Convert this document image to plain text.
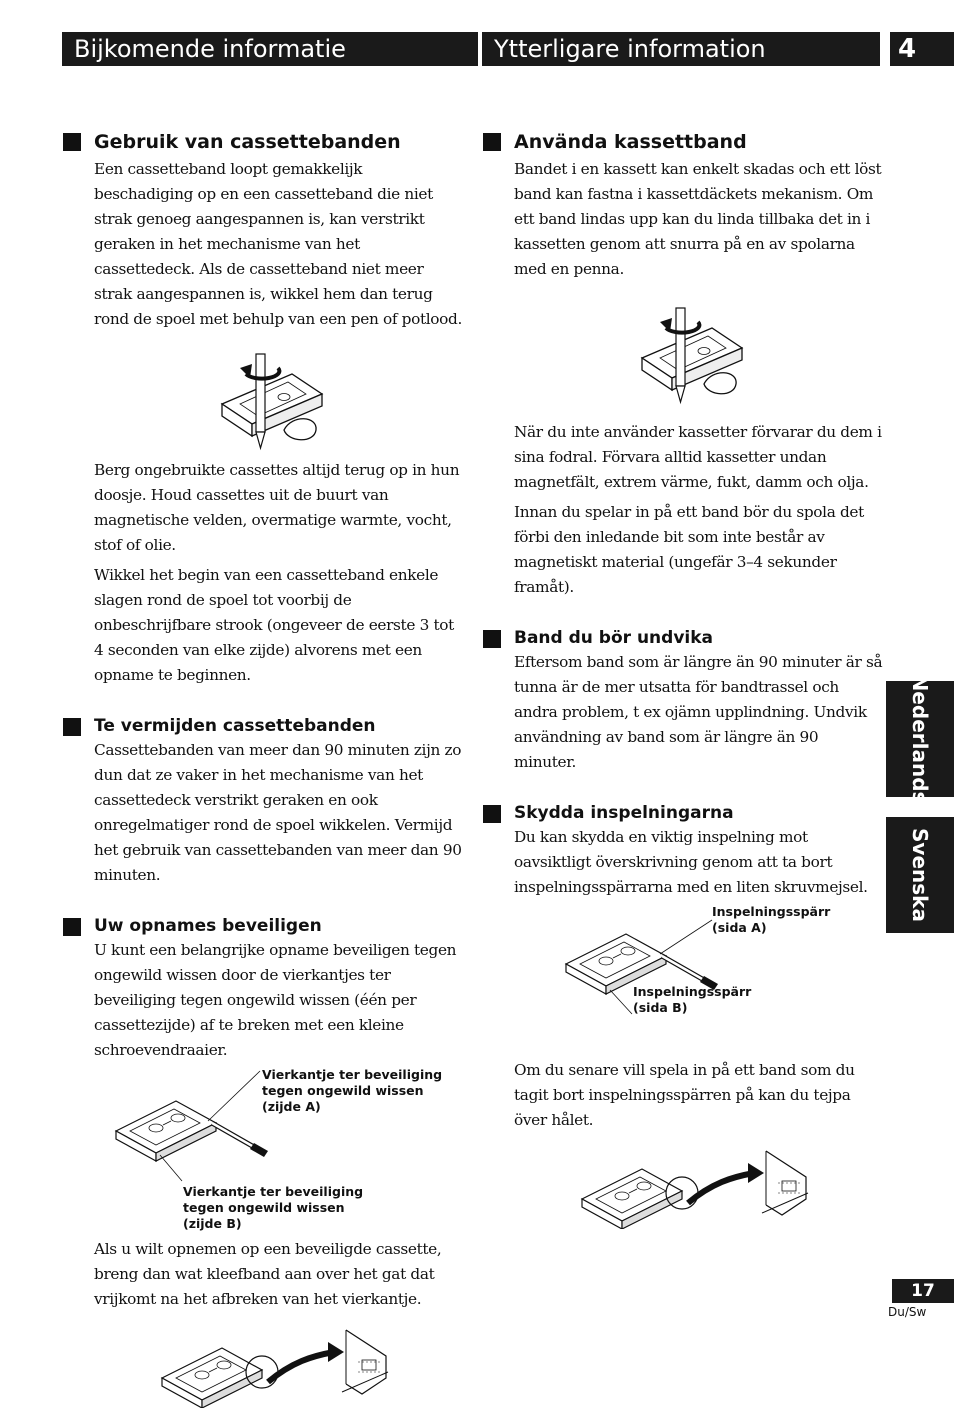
Bijkomende informatie	Ytterligare information	4
Gebruik van cassettebanden

Een cassetteband loopt gemakkelijk beschadiging op en een cassetteband die niet strak genoeg aangespannen is, kan verstrikt geraken in het mechanisme van het cassettedeck. Als de cassetteband niet meer strak aangespannen is, wikkel hem dan terug rond de spoel met behulp van een pen of potlood.

Berg ongebruikte cassettes altijd terug op in hun doosje. Houd cassettes uit de buurt van magnetische velden, overmatige warmte, vocht, stof of olie.

Wikkel het begin van een cassetteband enkele slagen rond de spoel tot voorbij de onbeschrijfbare strook (ongeveer de eerste 3 tot 4 seconden van elke zijde) alvorens met een opname te beginnen.

Te vermijden cassettebanden

Cassettebanden van meer dan 90 minuten zijn zo dun dat ze vaker in het mechanisme van het cassettedeck verstrikt geraken en ook onregelmatiger rond de spoel wikkelen. Vermijd het gebruik van cassettebanden van meer dan 90 minuten.

Uw opnames beveiligen

U kunt een belangrijke opname beveiligen tegen ongewild wissen door de vierkantjes ter beveiliging tegen ongewild wissen (één per cassettezijde) af te breken met een kleine schroevendraaier.

Vierkantje ter beveiliging
tegen ongewild wissen
(zijde A)
Vierkantje ter beveiliging
tegen ongewild wissen
(zijde B)

Als u wilt opnemen op een beveiligde cassette, breng dan wat kleefband aan over het gat dat vrijkomt na het afbreken van het vierkantje.

Använda kassettband

Bandet i en kassett kan enkelt skadas och ett löst band kan fastna i kassettdäckets mekanism. Om ett band lindas upp kan du linda tillbaka det in i kassetten genom att snurra på en av spolarna med en penna.

När du inte använder kassetter förvarar du dem i sina fodral. Förvara alltid kassetter undan magnetfält, extrem värme, fukt, damm och olja.

Innan du spelar in på ett band bör du spola det förbi den inledande bit som inte består av magnetiskt material (ungefär 3–4 sekunder framåt).

Band du bör undvika

Eftersom band som är längre än 90 minuter är så tunna är de mer utsatta för bandtrassel och andra problem, t ex ojämn upplindning. Undvik användning av band som är längre än 90 minuter.

Skydda inspelningarna

Du kan skydda en viktig inspelning mot oavsiktligt överskrivning genom att ta bort inspelningsspärrarna med en liten skruvmejsel.

Inspelningsspärr
(sida A)
Inspelningsspärr
(sida B)

Om du senare vill spela in på ett band som du tagit bort inspelningsspärren på kan du tejpa över hålet.

Nederlands
Svenska
17
Du/Sw
